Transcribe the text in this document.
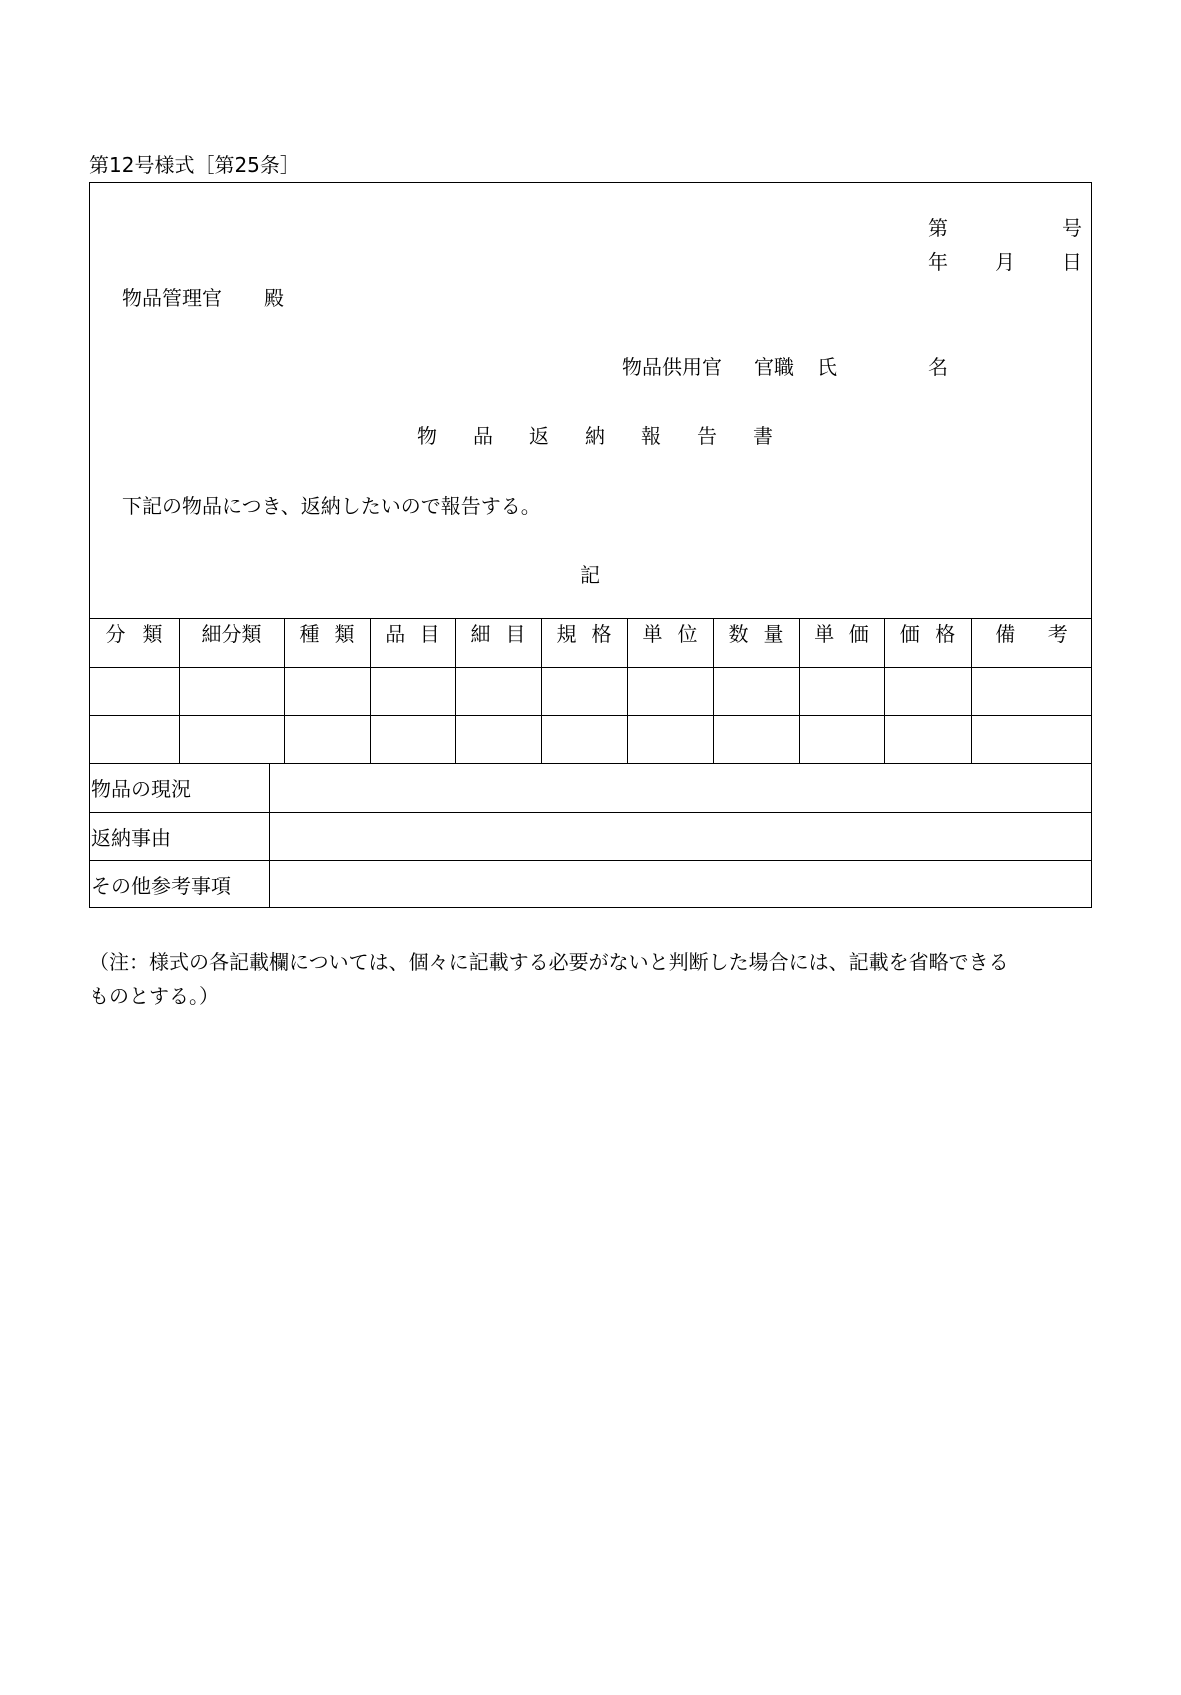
第12号様式［第25条］
第	号
年 月 日
物品管理官 殿
物品供用官 官職 氏	名
物 品 返 納 報 告 書
下記の物品につき、返納したいので報告する。
記
分 類 細分類 種 類 品 目 細 目 規 格 単 位 数 量 単 価 価 格 備 考
物品の現況
返納事由
その他参考事項
（注：様式の各記載欄については、個々に記載する必要がないと判断した場合には、記載を省略できる
ものとする。）
